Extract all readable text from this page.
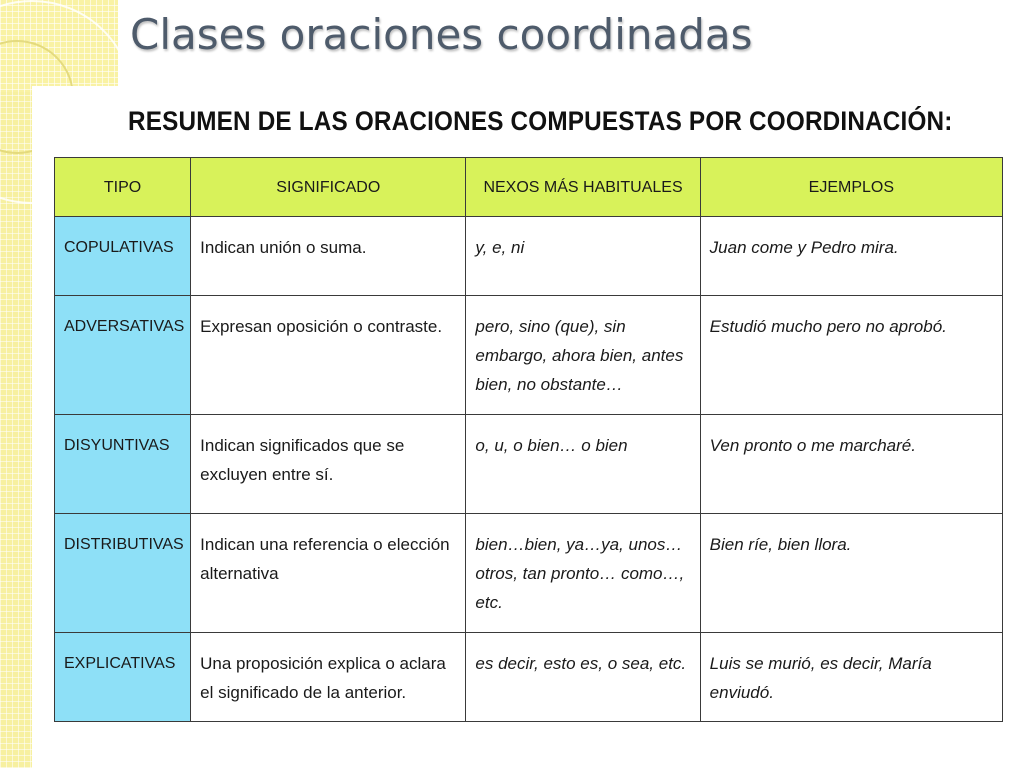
Clases oraciones coordinadas
RESUMEN DE LAS ORACIONES COMPUESTAS POR COORDINACIÓN:
TIPO	SIGNIFICADO	NEXOS MÁS HABITUALES	EJEMPLOS
COPULATIVAS	Indican unión o suma.	y, e, ni	Juan come y Pedro mira.
ADVERSATIVAS	Expresan oposición o contraste.	pero, sino (que), sin embargo, ahora bien, antes bien, no obstante…	Estudió mucho pero no aprobó.
DISYUNTIVAS	Indican significados que se excluyen entre sí.	o, u, o bien… o bien	Ven pronto o me marcharé.
DISTRIBUTIVAS	Indican una referencia o elección alternativa	bien…bien, ya…ya, unos…otros, tan pronto… como…, etc.	Bien ríe, bien llora.
EXPLICATIVAS	Una proposición explica o aclara el significado de la anterior.	es decir, esto es, o sea, etc.	Luis se murió, es decir, María enviudó.
